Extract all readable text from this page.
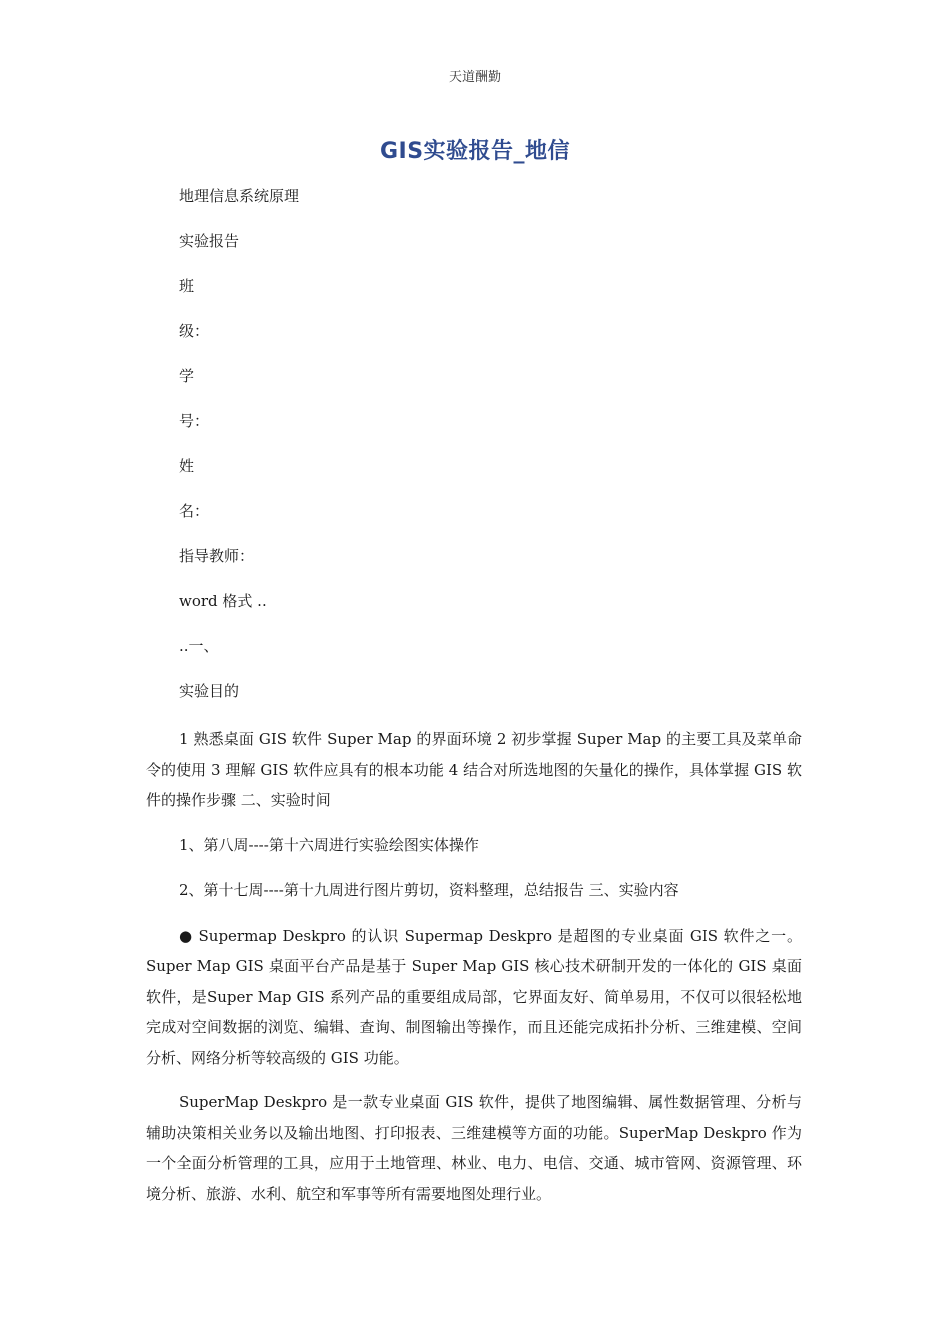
天道酬勤
GIS实验报告_地信
地理信息系统原理
实验报告
班
级：
学
号：
姓
名：
指导教师：
word 格式 ..
..一、
实验目的

1 熟悉桌面 GIS 软件 Super Map 的界面环境 2 初步掌握 Super Map 的主要工具及菜单命令的使用 3 理解 GIS 软件应具有的根本功能 4 结合对所选地图的矢量化的操作，具体掌握 GIS 软件的操作步骤 二、实验时间

1、第八周----第十六周进行实验绘图实体操作

2、第十七周----第十九周进行图片剪切，资料整理，总结报告 三、实验内容

● Supermap Deskpro 的认识 Supermap Deskpro 是超图的专业桌面 GIS 软件之一。Super Map GIS 桌面平台产品是基于 Super Map GIS 核心技术研制开发的一体化的 GIS 桌面软件，是Super Map GIS 系列产品的重要组成局部，它界面友好、简单易用，不仅可以很轻松地完成对空间数据的浏览、编辑、查询、制图输出等操作，而且还能完成拓扑分析、三维建模、空间分析、网络分析等较高级的 GIS 功能。

SuperMap Deskpro 是一款专业桌面 GIS 软件，提供了地图编辑、属性数据管理、分析与辅助决策相关业务以及输出地图、打印报表、三维建模等方面的功能。SuperMap Deskpro 作为一个全面分析管理的工具，应用于土地管理、林业、电力、电信、交通、城市管网、资源管理、环境分析、旅游、水利、航空和军事等所有需要地图处理行业。
